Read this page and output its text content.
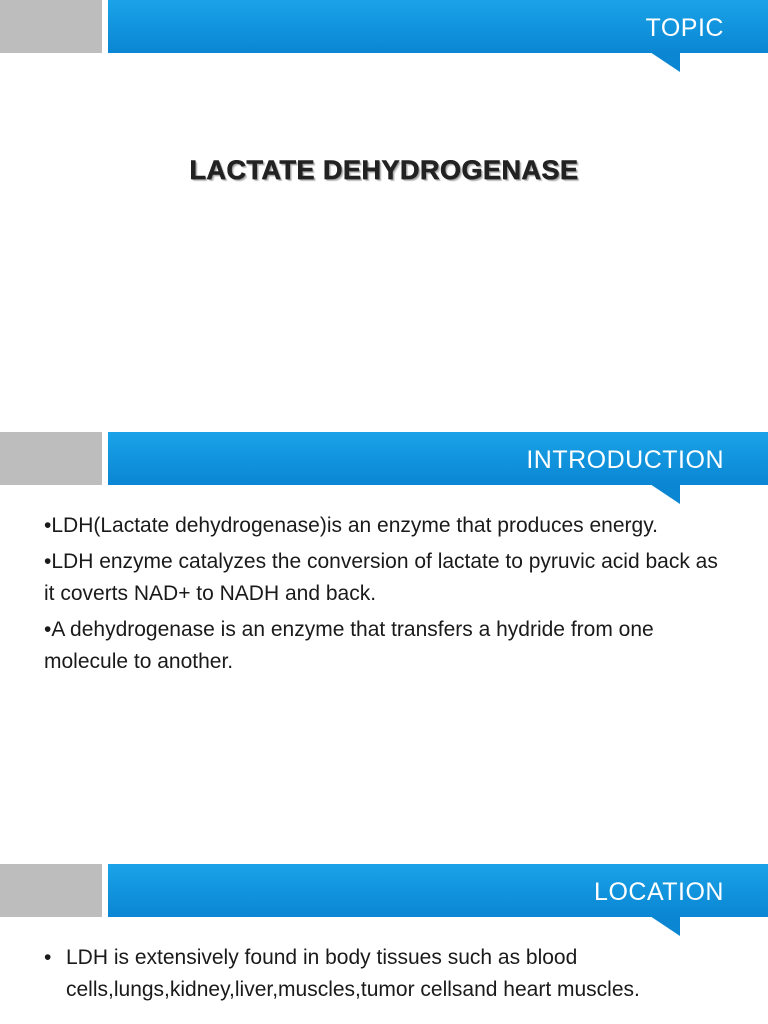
TOPIC
LACTATE DEHYDROGENASE
INTRODUCTION
•LDH(Lactate dehydrogenase)is an enzyme that produces energy.
•LDH enzyme catalyzes the conversion of lactate to pyruvic acid back as it coverts NAD+ to NADH and back.
•A dehydrogenase is an enzyme that transfers a hydride from one molecule to another.
LOCATION
• LDH is extensively found in body tissues such as blood cells,lungs,kidney,liver,muscles,tumor cellsand heart muscles.
